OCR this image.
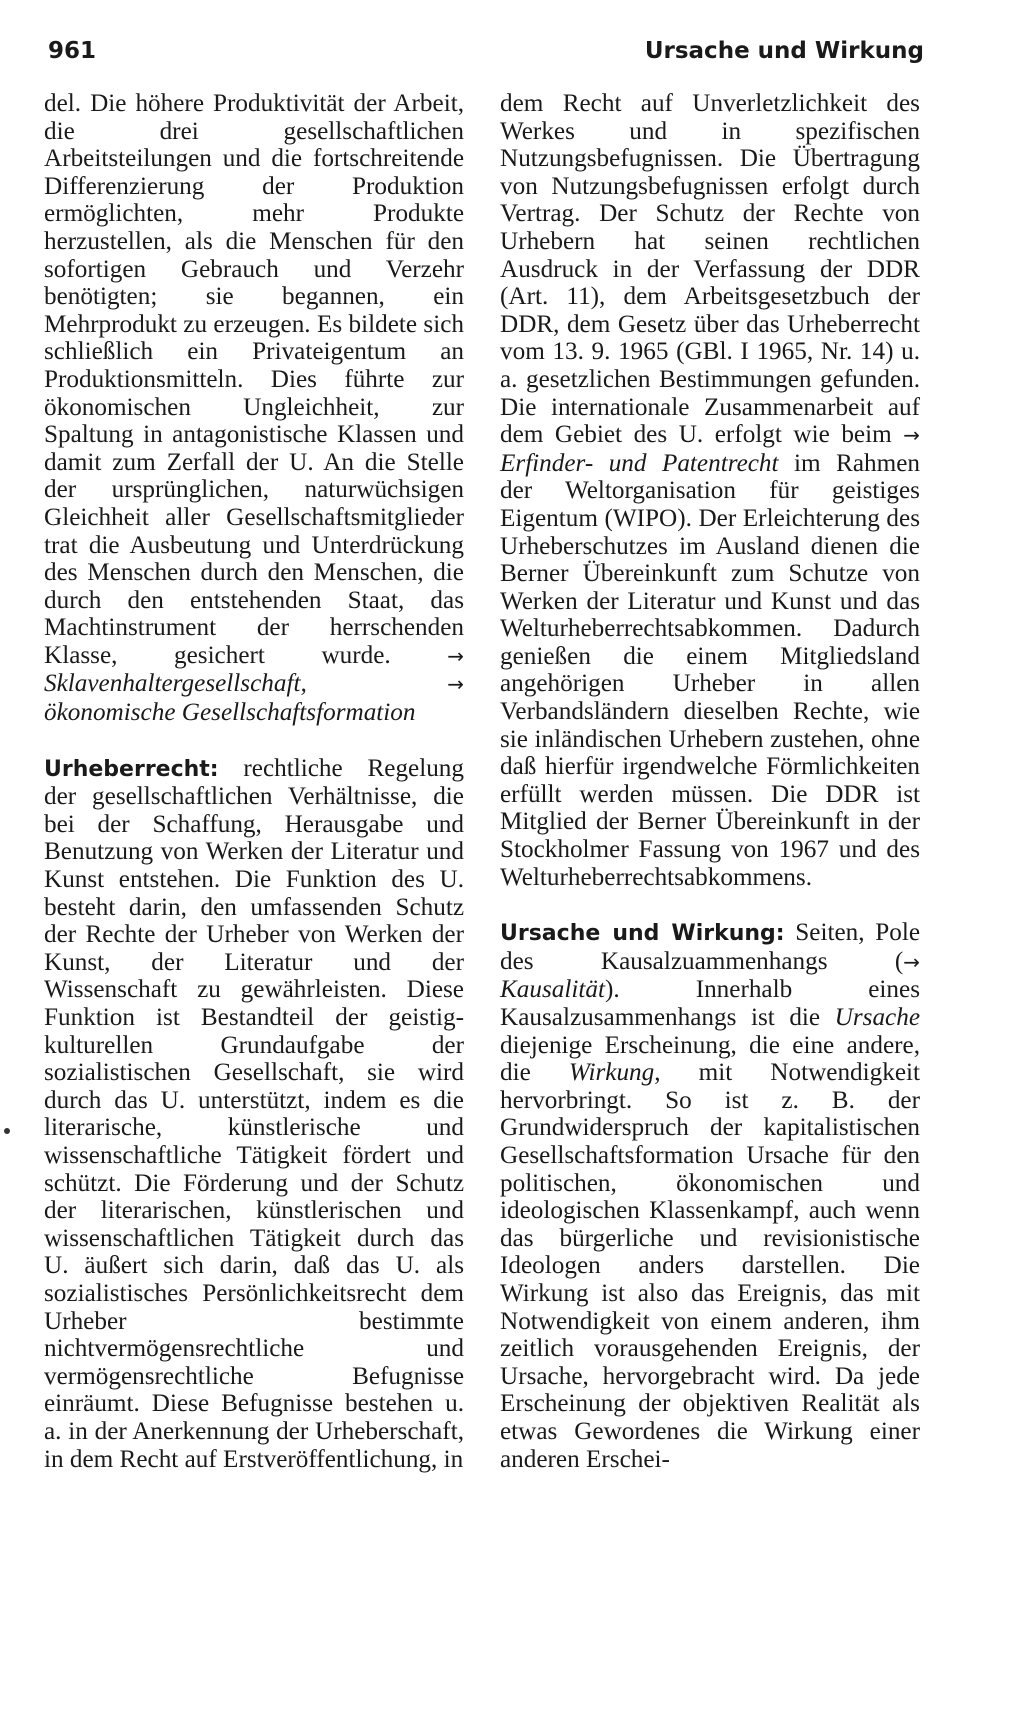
961	Ursache und Wirkung

del. Die höhere Produktivität der Arbeit, die drei gesellschaftlichen Arbeitsteilungen und die fortschreitende Differenzierung der Produktion ermöglichten, mehr Produkte herzustellen, als die Menschen für den sofortigen Gebrauch und Verzehr benötigten; sie begannen, ein Mehrprodukt zu erzeugen. Es bildete sich schließlich ein Privateigentum an Produktionsmitteln. Dies führte zur ökonomischen Ungleichheit, zur Spaltung in antagonistische Klassen und damit zum Zerfall der U. An die Stelle der ursprünglichen, naturwüchsigen Gleichheit aller Gesellschaftsmitglieder trat die Ausbeutung und Unterdrückung des Menschen durch den Menschen, die durch den entstehenden Staat, das Machtinstrument der herrschenden Klasse, gesichert wurde.	→ Sklavenhaltergesellschaft,	→ ökonomische Gesellschaftsformation

Urheberrecht: rechtliche Regelung der gesellschaftlichen Verhältnisse, die bei der Schaffung, Herausgabe und Benutzung von Werken der Literatur und Kunst entstehen. Die Funktion des U. besteht darin, den umfassenden Schutz der Rechte der Urheber von Werken der Kunst, der Literatur und der Wissenschaft zu gewährleisten. Diese Funktion ist Bestandteil der geistig-kulturellen Grundaufgabe der sozialistischen Gesellschaft, sie wird durch das U. unterstützt, indem es die literarische, künstlerische und wissenschaftliche Tätigkeit fördert und schützt. Die Förderung und der Schutz der literarischen, künstlerischen und wissenschaftlichen Tätigkeit durch das U. äußert sich darin, daß das U. als sozialistisches Persönlichkeitsrecht dem Urheber bestimmte nichtvermögensrechtliche und vermögensrechtliche Befugnisse einräumt. Diese Befugnisse bestehen u. a. in der Anerkennung der Urheberschaft, in dem Recht auf Erstveröffentlichung, in

dem Recht auf Unverletzlichkeit des Werkes und in spezifischen Nutzungsbefugnissen. Die Übertragung von Nutzungsbefugnissen erfolgt durch Vertrag. Der Schutz der Rechte von Urhebern hat seinen rechtlichen Ausdruck in der Verfassung der DDR (Art. 11), dem Arbeitsgesetzbuch der DDR, dem Gesetz über das Urheberrecht vom 13. 9. 1965 (GBl. I 1965, Nr. 14) u. a. gesetzlichen Bestimmungen gefunden. Die internationale Zusammenarbeit auf dem Gebiet des U. erfolgt wie beim → Erfinder- und Patentrecht im Rahmen der Weltorganisation für geistiges Eigentum (WIPO). Der Erleichterung des Urheberschutzes im Ausland dienen die Berner Übereinkunft zum Schutze von Werken der Literatur und Kunst und das Welturheberrechtsabkommen. Dadurch genießen die einem Mitgliedsland angehörigen Urheber in allen Verbandsländern dieselben Rechte, wie sie inländischen Urhebern zustehen, ohne daß hierfür irgendwelche Förmlichkeiten erfüllt werden müssen. Die DDR ist Mitglied der Berner Übereinkunft in der Stockholmer Fassung von 1967 und des Welturheberrechtsabkommens.

Ursache und Wirkung: Seiten, Pole des Kausalzuammenhangs (→ Kausalität). Innerhalb eines Kausalzusammenhangs ist die Ursache diejenige Erscheinung, die eine andere, die Wirkung, mit Notwendigkeit hervorbringt. So ist z. B. der Grundwiderspruch der kapitalistischen Gesellschaftsformation Ursache für den politischen, ökonomischen und ideologischen Klassenkampf, auch wenn das bürgerliche und revisionistische Ideologen anders darstellen. Die Wirkung ist also das Ereignis, das mit Notwendigkeit von einem anderen, ihm zeitlich vorausgehenden Ereignis, der Ursache, hervorgebracht wird. Da jede Erscheinung der objektiven Realität als etwas Gewordenes die Wirkung einer anderen Erschei-
